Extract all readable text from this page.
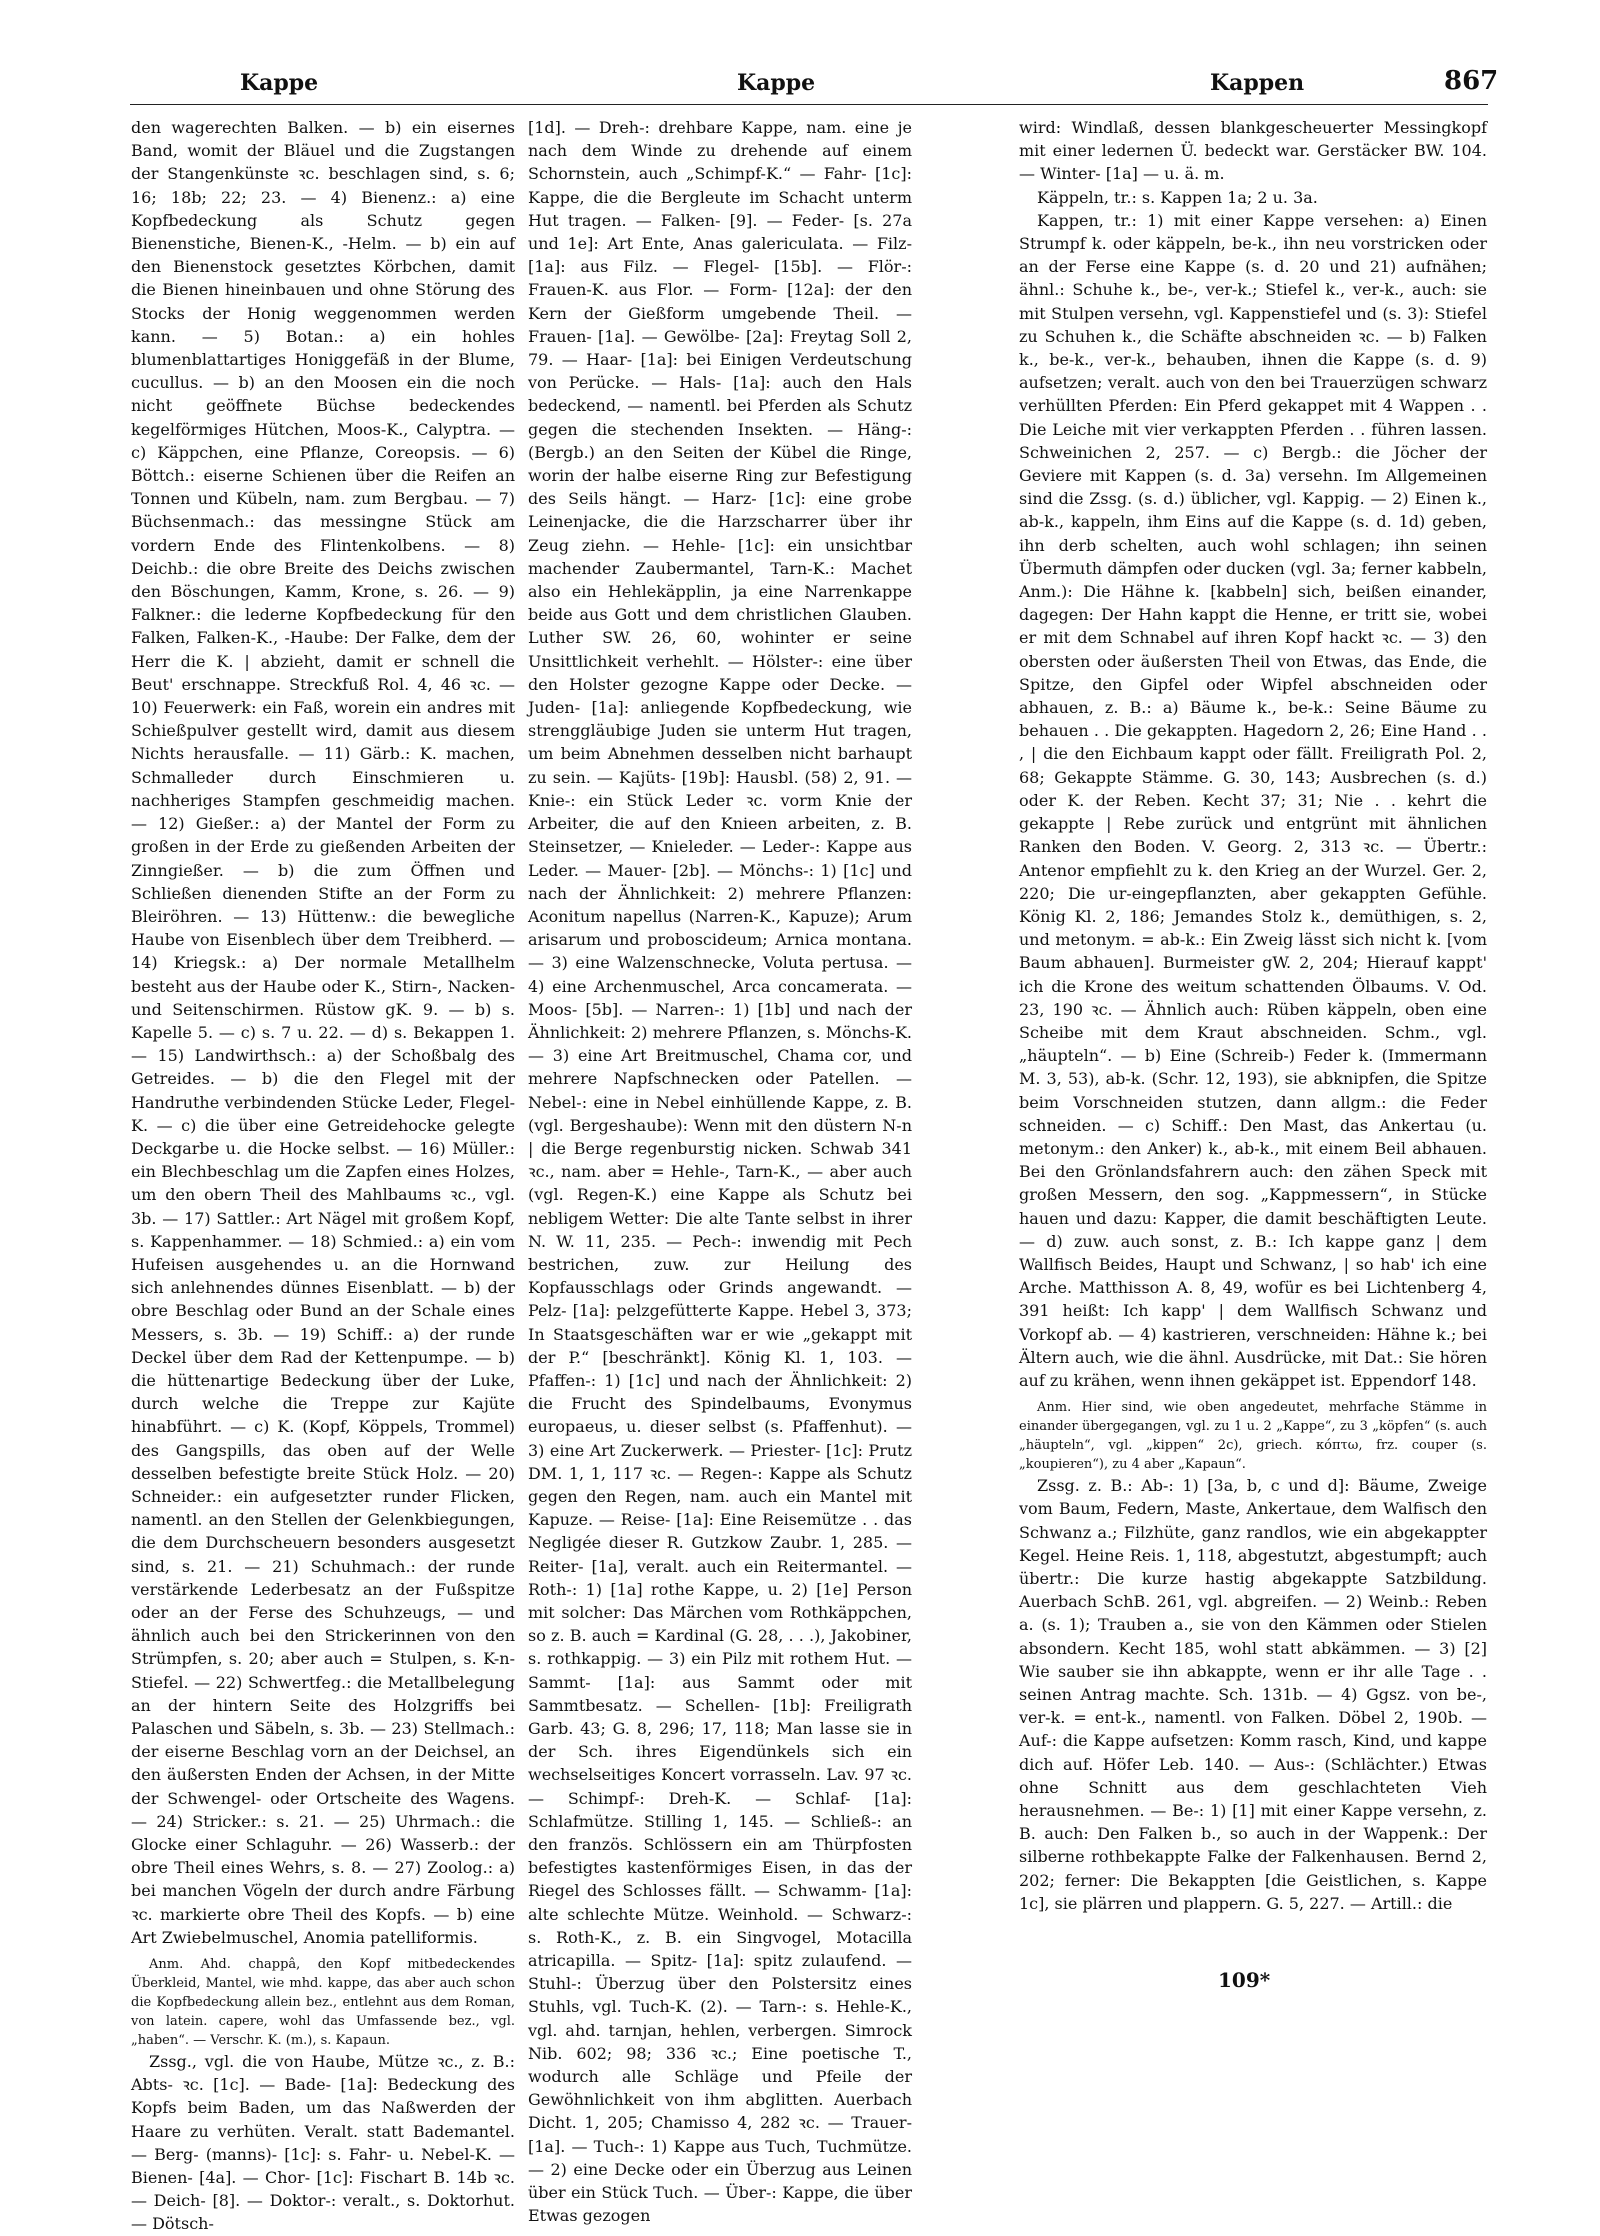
Kappe	Kappe	Kappen	867

den wagerechten Balken. — b) ein eisernes Band, womit der Bläuel und die Zugstangen der Stangenkünste ꝛc. beschlagen sind, s. 6; 16; 18b; 22; 23. — 4) Bienenz.: a) eine Kopfbedeckung als Schutz gegen Bienenstiche, Bienen-K., -Helm. — b) ein auf den Bienenstock gesetztes Körbchen, damit die Bienen hineinbauen und ohne Störung des Stocks der Honig weggenommen werden kann. — 5) Botan.: a) ein hohles blumenblattartiges Honiggefäß in der Blume, cucullus. — b) an den Moosen ein die noch nicht geöffnete Büchse bedeckendes kegelförmiges Hütchen, Moos-K., Calyptra. — c) Käppchen, eine Pflanze, Coreopsis. — 6) Böttch.: eiserne Schienen über die Reifen an Tonnen und Kübeln, nam. zum Bergbau. — 7) Büchsenmach.: das messingne Stück am vordern Ende des Flintenkolbens. — 8) Deichb.: die obre Breite des Deichs zwischen den Böschungen, Kamm, Krone, s. 26. — 9) Falkner.: die lederne Kopfbedeckung für den Falken, Falken-K., -Haube: Der Falke, dem der Herr die K. | abzieht, damit er schnell die Beut' erschnappe. Streckfuß Rol. 4, 46 ꝛc. — 10) Feuerwerk: ein Faß, worein ein andres mit Schießpulver gestellt wird, damit aus diesem Nichts herausfalle. — 11) Gärb.: K. machen, Schmalleder durch Einschmieren u. nachheriges Stampfen geschmeidig machen. — 12) Gießer.: a) der Mantel der Form zu großen in der Erde zu gießenden Arbeiten der Zinngießer. — b) die zum Öffnen und Schließen dienenden Stifte an der Form zu Bleiröhren. — 13) Hüttenw.: die bewegliche Haube von Eisenblech über dem Treibherd. — 14) Kriegsk.: a) Der normale Metallhelm besteht aus der Haube oder K., Stirn-, Nacken- und Seitenschirmen. Rüstow gK. 9. — b) s. Kapelle 5. — c) s. 7 u. 22. — d) s. Bekappen 1. — 15) Landwirthsch.: a) der Schoßbalg des Getreides. — b) die den Flegel mit der Handruthe verbindenden Stücke Leder, Flegel-K. — c) die über eine Getreidehocke gelegte Deckgarbe u. die Hocke selbst. — 16) Müller.: ein Blechbeschlag um die Zapfen eines Holzes, um den obern Theil des Mahlbaums ꝛc., vgl. 3b. — 17) Sattler.: Art Nägel mit großem Kopf, s. Kappenhammer. — 18) Schmied.: a) ein vom Hufeisen ausgehendes u. an die Hornwand sich anlehnendes dünnes Eisenblatt. — b) der obre Beschlag oder Bund an der Schale eines Messers, s. 3b. — 19) Schiff.: a) der runde Deckel über dem Rad der Kettenpumpe. — b) die hüttenartige Bedeckung über der Luke, durch welche die Treppe zur Kajüte hinabführt. — c) K. (Kopf, Köppels, Trommel) des Gangspills, das oben auf der Welle desselben befestigte breite Stück Holz. — 20) Schneider.: ein aufgesetzter runder Flicken, namentl. an den Stellen der Gelenkbiegungen, die dem Durchscheuern besonders ausgesetzt sind, s. 21. — 21) Schuhmach.: der runde verstärkende Lederbesatz an der Fußspitze oder an der Ferse des Schuhzeugs, — und ähnlich auch bei den Strickerinnen von den Strümpfen, s. 20; aber auch = Stulpen, s. K-n-Stiefel. — 22) Schwertfeg.: die Metallbelegung an der hintern Seite des Holzgriffs bei Palaschen und Säbeln, s. 3b. — 23) Stellmach.: der eiserne Beschlag vorn an der Deichsel, an den äußersten Enden der Achsen, in der Mitte der Schwengel- oder Ortscheite des Wagens. — 24) Stricker.: s. 21. — 25) Uhrmach.: die Glocke einer Schlaguhr. — 26) Wasserb.: der obre Theil eines Wehrs, s. 8. — 27) Zoolog.: a) bei manchen Vögeln der durch andre Färbung ꝛc. markierte obre Theil des Kopfs. — b) eine Art Zwiebelmuschel, Anomia patelliformis.

Anm. Ahd. chappâ, den Kopf mitbedeckendes Überkleid, Mantel, wie mhd. kappe, das aber auch schon die Kopfbedeckung allein bez., entlehnt aus dem Roman, von latein. capere, wohl das Umfassende bez., vgl. „haben“. — Verschr. K. (m.), s. Kapaun.

Zssg., vgl. die von Haube, Mütze ꝛc., z. B.: Abts- ꝛc. [1c]. — Bade- [1a]: Bedeckung des Kopfs beim Baden, um das Naßwerden der Haare zu verhüten. Veralt. statt Bademantel. — Berg- (manns)- [1c]: s. Fahr- u. Nebel-K. — Bienen- [4a]. — Chor- [1c]: Fischart B. 14b ꝛc. — Deich- [8]. — Doktor-: veralt., s. Doktorhut. — Dötsch-

[1d]. — Dreh-: drehbare Kappe, nam. eine je nach dem Winde zu drehende auf einem Schornstein, auch „Schimpf-K.“ — Fahr- [1c]: Kappe, die die Bergleute im Schacht unterm Hut tragen. — Falken- [9]. — Feder- [s. 27a und 1e]: Art Ente, Anas galericulata. — Filz- [1a]: aus Filz. — Flegel- [15b]. — Flör-: Frauen-K. aus Flor. — Form- [12a]: der den Kern der Gießform umgebende Theil. — Frauen- [1a]. — Gewölbe- [2a]: Freytag Soll 2, 79. — Haar- [1a]: bei Einigen Verdeutschung von Perücke. — Hals- [1a]: auch den Hals bedeckend, — namentl. bei Pferden als Schutz gegen die stechenden Insekten. — Häng-: (Bergb.) an den Seiten der Kübel die Ringe, worin der halbe eiserne Ring zur Befestigung des Seils hängt. — Harz- [1c]: eine grobe Leinenjacke, die die Harzscharrer über ihr Zeug ziehn. — Hehle- [1c]: ein unsichtbar machender Zaubermantel, Tarn-K.: Machet also ein Hehlekäpplin, ja eine Narrenkappe beide aus Gott und dem christlichen Glauben. Luther SW. 26, 60, wohinter er seine Unsittlichkeit verhehlt. — Hölster-: eine über den Holster gezogne Kappe oder Decke. — Juden- [1a]: anliegende Kopfbedeckung, wie strenggläubige Juden sie unterm Hut tragen, um beim Abnehmen desselben nicht barhaupt zu sein. — Kajüts- [19b]: Hausbl. (58) 2, 91. — Knie-: ein Stück Leder ꝛc. vorm Knie der Arbeiter, die auf den Knieen arbeiten, z. B. Steinsetzer, — Knieleder. — Leder-: Kappe aus Leder. — Mauer- [2b]. — Mönchs-: 1) [1c] und nach der Ähnlichkeit: 2) mehrere Pflanzen: Aconitum napellus (Narren-K., Kapuze); Arum arisarum und proboscideum; Arnica montana. — 3) eine Walzenschnecke, Voluta pertusa. — 4) eine Archenmuschel, Arca concamerata. — Moos- [5b]. — Narren-: 1) [1b] und nach der Ähnlichkeit: 2) mehrere Pflanzen, s. Mönchs-K. — 3) eine Art Breitmuschel, Chama cor, und mehrere Napfschnecken oder Patellen. — Nebel-: eine in Nebel einhüllende Kappe, z. B. (vgl. Bergeshaube): Wenn mit den düstern N-n | die Berge regenburstig nicken. Schwab 341 ꝛc., nam. aber = Hehle-, Tarn-K., — aber auch (vgl. Regen-K.) eine Kappe als Schutz bei nebligem Wetter: Die alte Tante selbst in ihrer N. W. 11, 235. — Pech-: inwendig mit Pech bestrichen, zuw. zur Heilung des Kopfausschlags oder Grinds angewandt. — Pelz- [1a]: pelzgefütterte Kappe. Hebel 3, 373; In Staatsgeschäften war er wie „gekappt mit der P.“ [beschränkt]. König Kl. 1, 103. — Pfaffen-: 1) [1c] und nach der Ähnlichkeit: 2) die Frucht des Spindelbaums, Evonymus europaeus, u. dieser selbst (s. Pfaffenhut). — 3) eine Art Zuckerwerk. — Priester- [1c]: Prutz DM. 1, 1, 117 ꝛc. — Regen-: Kappe als Schutz gegen den Regen, nam. auch ein Mantel mit Kapuze. — Reise- [1a]: Eine Reisemütze . . das Negligée dieser R. Gutzkow Zaubr. 1, 285. — Reiter- [1a], veralt. auch ein Reitermantel. — Roth-: 1) [1a] rothe Kappe, u. 2) [1e] Person mit solcher: Das Märchen vom Rothkäppchen, so z. B. auch = Kardinal (G. 28, . . .), Jakobiner, s. rothkappig. — 3) ein Pilz mit rothem Hut. — Sammt- [1a]: aus Sammt oder mit Sammtbesatz. — Schellen- [1b]: Freiligrath Garb. 43; G. 8, 296; 17, 118; Man lasse sie in der Sch. ihres Eigendünkels sich ein wechselseitiges Koncert vorrasseln. Lav. 97 ꝛc. — Schimpf-: Dreh-K. — Schlaf- [1a]: Schlafmütze. Stilling 1, 145. — Schließ-: an den französ. Schlössern ein am Thürpfosten befestigtes kastenförmiges Eisen, in das der Riegel des Schlosses fällt. — Schwamm- [1a]: alte schlechte Mütze. Weinhold. — Schwarz-: s. Roth-K., z. B. ein Singvogel, Motacilla atricapilla. — Spitz- [1a]: spitz zulaufend. — Stuhl-: Überzug über den Polstersitz eines Stuhls, vgl. Tuch-K. (2). — Tarn-: s. Hehle-K., vgl. ahd. tarnjan, hehlen, verbergen. Simrock Nib. 602; 98; 336 ꝛc.; Eine poetische T., wodurch alle Schläge und Pfeile der Gewöhnlichkeit von ihm abglitten. Auerbach Dicht. 1, 205; Chamisso 4, 282 ꝛc. — Trauer- [1a]. — Tuch-: 1) Kappe aus Tuch, Tuchmütze. — 2) eine Decke oder ein Überzug aus Leinen über ein Stück Tuch. — Über-: Kappe, die über Etwas gezogen

wird: Windlaß, dessen blankgescheuerter Messingkopf mit einer ledernen Ü. bedeckt war. Gerstäcker BW. 104. — Winter- [1a] — u. ä. m.

Käppeln, tr.: s. Kappen 1a; 2 u. 3a.

Kappen, tr.: 1) mit einer Kappe versehen: a) Einen Strumpf k. oder käppeln, be-k., ihn neu vorstricken oder an der Ferse eine Kappe (s. d. 20 und 21) aufnähen; ähnl.: Schuhe k., be-, ver-k.; Stiefel k., ver-k., auch: sie mit Stulpen versehn, vgl. Kappenstiefel und (s. 3): Stiefel zu Schuhen k., die Schäfte abschneiden ꝛc. — b) Falken k., be-k., ver-k., behauben, ihnen die Kappe (s. d. 9) aufsetzen; veralt. auch von den bei Trauerzügen schwarz verhüllten Pferden: Ein Pferd gekappet mit 4 Wappen . . Die Leiche mit vier verkappten Pferden . . führen lassen. Schweinichen 2, 257. — c) Bergb.: die Jöcher der Geviere mit Kappen (s. d. 3a) versehn. Im Allgemeinen sind die Zssg. (s. d.) üblicher, vgl. Kappig. — 2) Einen k., ab-k., kappeln, ihm Eins auf die Kappe (s. d. 1d) geben, ihn derb schelten, auch wohl schlagen; ihn seinen Übermuth dämpfen oder ducken (vgl. 3a; ferner kabbeln, Anm.): Die Hähne k. [kabbeln] sich, beißen einander, dagegen: Der Hahn kappt die Henne, er tritt sie, wobei er mit dem Schnabel auf ihren Kopf hackt ꝛc. — 3) den obersten oder äußersten Theil von Etwas, das Ende, die Spitze, den Gipfel oder Wipfel abschneiden oder abhauen, z. B.: a) Bäume k., be-k.: Seine Bäume zu behauen . . Die gekappten. Hagedorn 2, 26; Eine Hand . . , | die den Eichbaum kappt oder fällt. Freiligrath Pol. 2, 68; Gekappte Stämme. G. 30, 143; Ausbrechen (s. d.) oder K. der Reben. Kecht 37; 31; Nie . . kehrt die gekappte | Rebe zurück und entgrünt mit ähnlichen Ranken den Boden. V. Georg. 2, 313 ꝛc. — Übertr.: Antenor empfiehlt zu k. den Krieg an der Wurzel. Ger. 2, 220; Die ur-eingepflanzten, aber gekappten Gefühle. König Kl. 2, 186; Jemandes Stolz k., demüthigen, s. 2, und metonym. = ab-k.: Ein Zweig lässt sich nicht k. [vom Baum abhauen]. Burmeister gW. 2, 204; Hierauf kappt' ich die Krone des weitum schattenden Ölbaums. V. Od. 23, 190 ꝛc. — Ähnlich auch: Rüben käppeln, oben eine Scheibe mit dem Kraut abschneiden. Schm., vgl. „häupteln“. — b) Eine (Schreib-) Feder k. (Immermann M. 3, 53), ab-k. (Schr. 12, 193), sie abknipfen, die Spitze beim Vorschneiden stutzen, dann allgm.: die Feder schneiden. — c) Schiff.: Den Mast, das Ankertau (u. metonym.: den Anker) k., ab-k., mit einem Beil abhauen. Bei den Grönlandsfahrern auch: den zähen Speck mit großen Messern, den sog. „Kappmessern“, in Stücke hauen und dazu: Kapper, die damit beschäftigten Leute. — d) zuw. auch sonst, z. B.: Ich kappe ganz | dem Wallfisch Beides, Haupt und Schwanz, | so hab' ich eine Arche. Matthisson A. 8, 49, wofür es bei Lichtenberg 4, 391 heißt: Ich kapp' | dem Wallfisch Schwanz und Vorkopf ab. — 4) kastrieren, verschneiden: Hähne k.; bei Ältern auch, wie die ähnl. Ausdrücke, mit Dat.: Sie hören auf zu krähen, wenn ihnen gekäppet ist. Eppendorf 148.

Anm. Hier sind, wie oben angedeutet, mehrfache Stämme in einander übergegangen, vgl. zu 1 u. 2 „Kappe“, zu 3 „köpfen“ (s. auch „häupteln“, vgl. „kippen“ 2c), griech. κόπτω, frz. couper (s. „koupieren“), zu 4 aber „Kapaun“.

Zssg. z. B.: Ab-: 1) [3a, b, c und d]: Bäume, Zweige vom Baum, Federn, Maste, Ankertaue, dem Walfisch den Schwanz a.; Filzhüte, ganz randlos, wie ein abgekappter Kegel. Heine Reis. 1, 118, abgestutzt, abgestumpft; auch übertr.: Die kurze hastig abgekappte Satzbildung. Auerbach SchB. 261, vgl. abgreifen. — 2) Weinb.: Reben a. (s. 1); Trauben a., sie von den Kämmen oder Stielen absondern. Kecht 185, wohl statt abkämmen. — 3) [2] Wie sauber sie ihn abkappte, wenn er ihr alle Tage . . seinen Antrag machte. Sch. 131b. — 4) Ggsz. von be-, ver-k. = ent-k., namentl. von Falken. Döbel 2, 190b. — Auf-: die Kappe aufsetzen: Komm rasch, Kind, und kappe dich auf. Höfer Leb. 140. — Aus-: (Schlächter.) Etwas ohne Schnitt aus dem geschlachteten Vieh herausnehmen. — Be-: 1) [1] mit einer Kappe versehn, z. B. auch: Den Falken b., so auch in der Wappenk.: Der silberne rothbekappte Falke der Falkenhausen. Bernd 2, 202; ferner: Die Bekappten [die Geistlichen, s. Kappe 1c], sie plärren und plappern. G. 5, 227. — Artill.: die

109*
